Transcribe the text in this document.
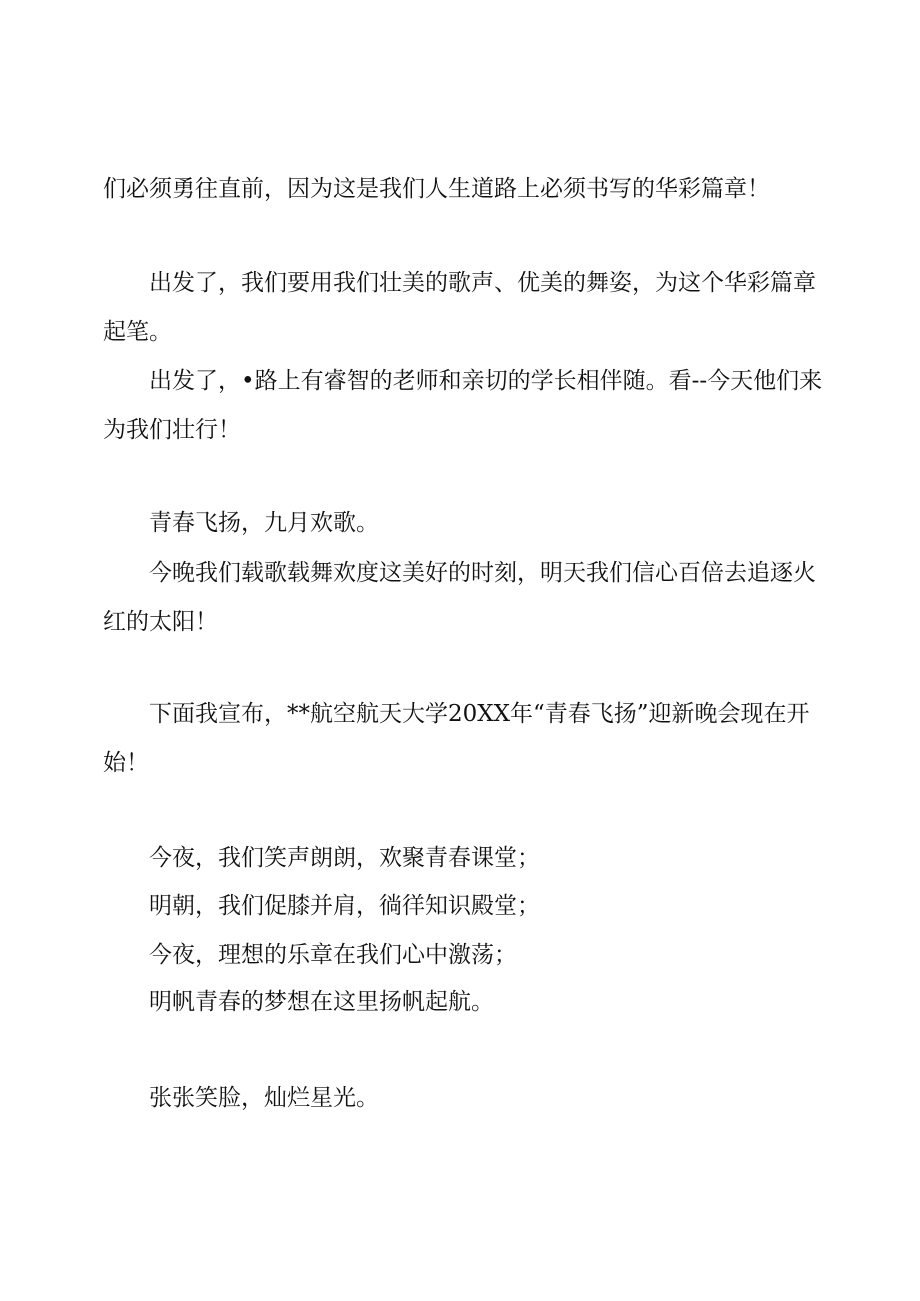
们必须勇往直前，因为这是我们人生道路上必须书写的华彩篇章！

出发了，我们要用我们壮美的歌声、优美的舞姿，为这个华彩篇章起笔。

出发了，•路上有睿智的老师和亲切的学长相伴随。看--今天他们来为我们壮行！

青春飞扬，九月欢歌。

今晚我们载歌载舞欢度这美好的时刻，明天我们信心百倍去追逐火红的太阳！

下面我宣布，**航空航天大学20XX年“青春飞扬”迎新晚会现在开始！

今夜，我们笑声朗朗，欢聚青春课堂；

明朝，我们促膝并肩，徜徉知识殿堂；

今夜，理想的乐章在我们心中激荡；

明帆青春的梦想在这里扬帆起航。

张张笑脸，灿烂星光。
